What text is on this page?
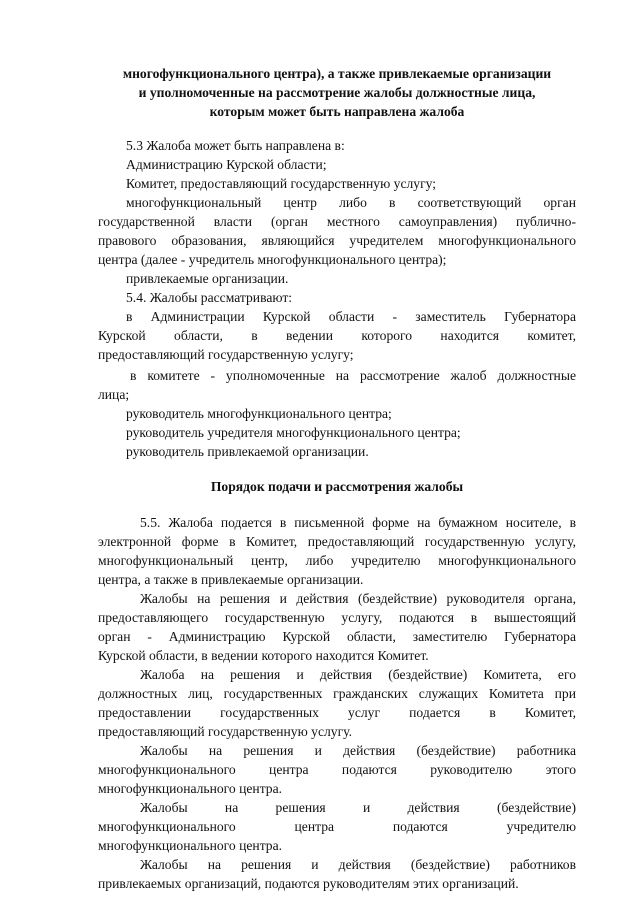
многофункционального центра), а также привлекаемые организации
и уполномоченные на рассмотрение жалобы должностные лица,
которым может быть направлена жалоба
5.3 Жалоба может быть направлена в:
Администрацию Курской области;
Комитет, предоставляющий государственную услугу;
многофункциональный центр либо в соответствующий орган
государственной власти (орган местного самоуправления) публично-
правового образования, являющийся учредителем многофункционального
центра (далее - учредитель многофункционального центра);
привлекаемые организации.
5.4. Жалобы рассматривают:
в Администрации Курской области - заместитель Губернатора
Курской области, в ведении которого находится комитет,
предоставляющий государственную услугу;
в комитете - уполномоченные на рассмотрение жалоб должностные
лица;
руководитель многофункционального центра;
руководитель учредителя многофункционального центра;
руководитель привлекаемой организации.
Порядок подачи и рассмотрения жалобы
5.5. Жалоба подается в письменной форме на бумажном носителе, в
электронной форме в Комитет, предоставляющий государственную услугу,
многофункциональный центр, либо учредителю многофункционального
центра, а также в привлекаемые организации.
Жалобы на решения и действия (бездействие) руководителя органа,
предоставляющего государственную услугу, подаются в вышестоящий
орган - Администрацию Курской области, заместителю Губернатора
Курской области, в ведении которого находится Комитет.
Жалоба на решения и действия (бездействие) Комитета, его
должностных лиц, государственных гражданских служащих Комитета при
предоставлении государственных услуг подается в Комитет,
предоставляющий государственную услугу.
Жалобы на решения и действия (бездействие) работника
многофункционального центра подаются руководителю этого
многофункционального центра.
Жалобы на решения и действия (бездействие)
многофункционального центра подаются учредителю
многофункционального центра.
Жалобы на решения и действия (бездействие) работников
привлекаемых организаций, подаются руководителям этих организаций.
